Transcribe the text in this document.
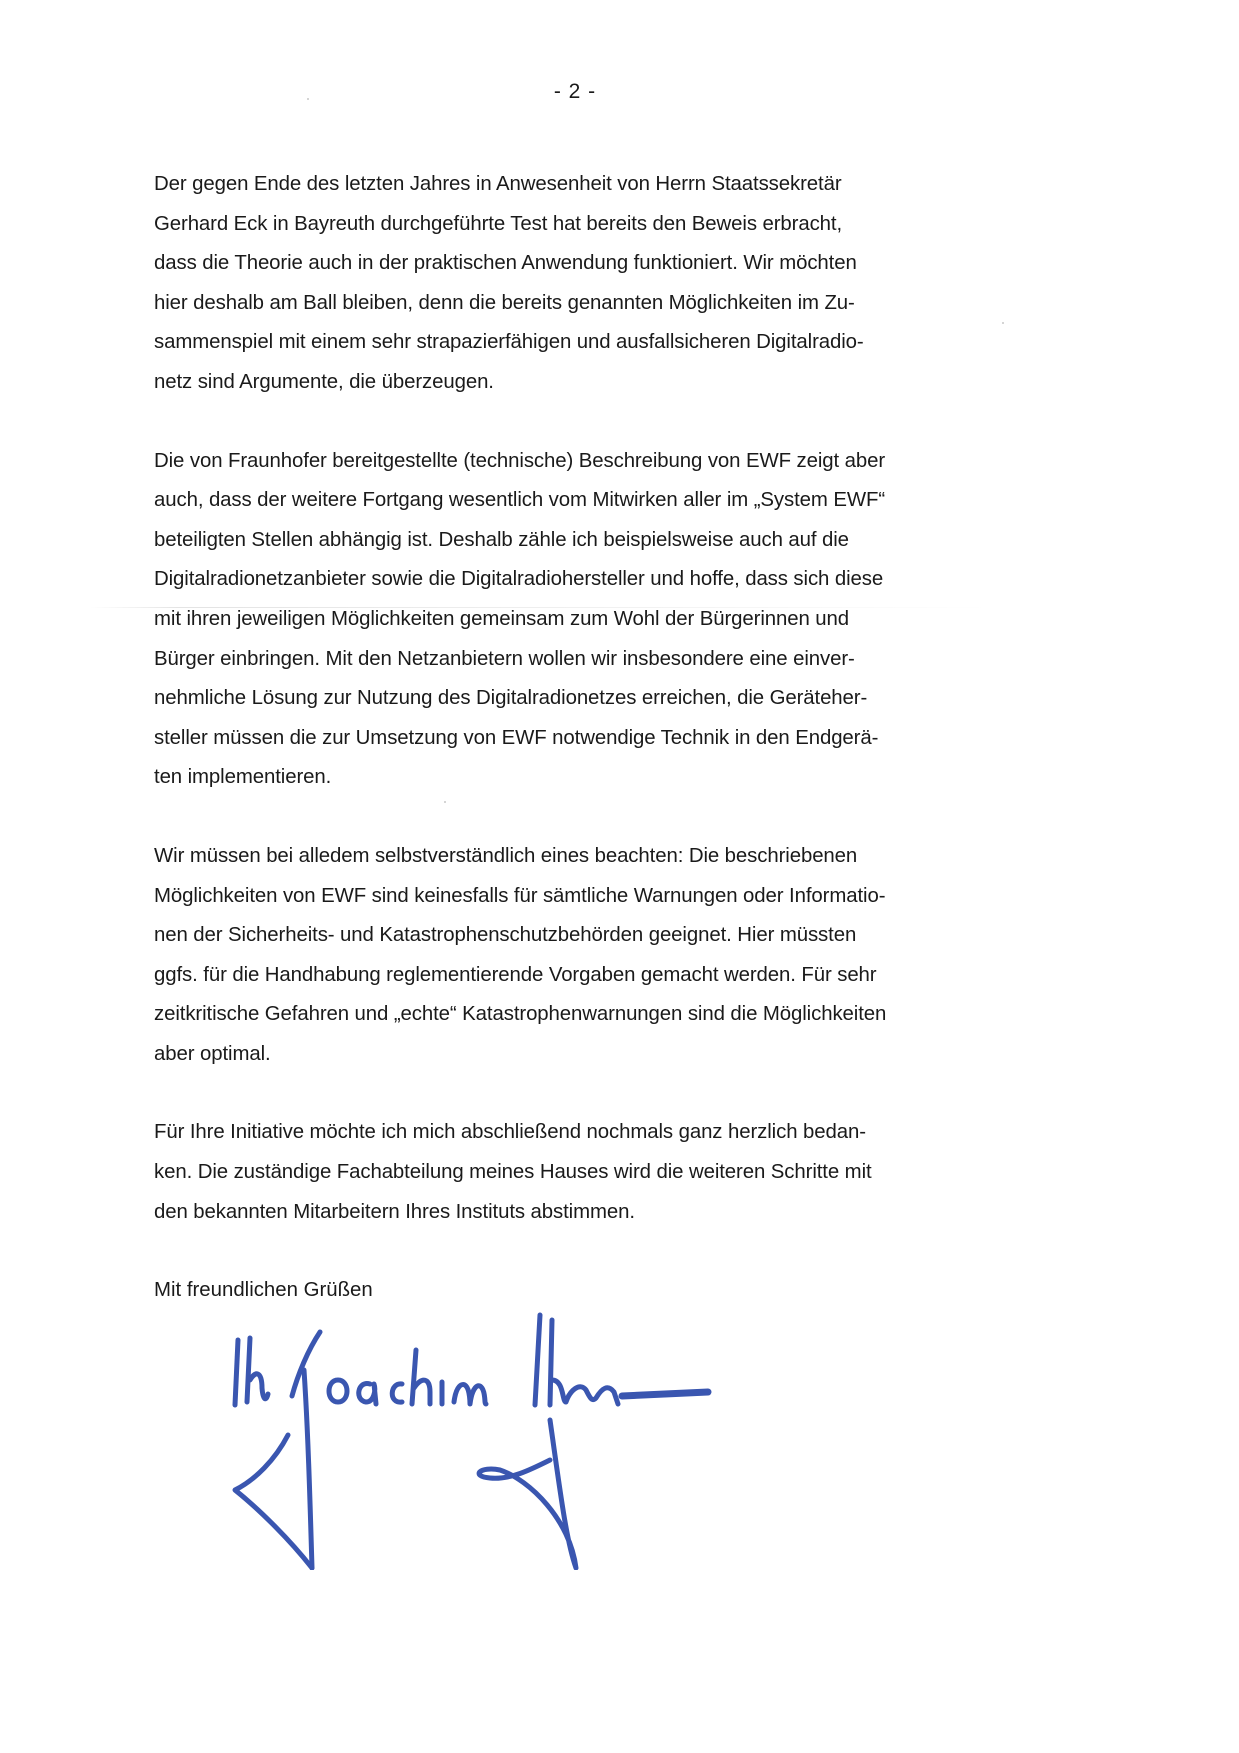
- 2 -

Der gegen Ende des letzten Jahres in Anwesenheit von Herrn Staatssekretär
Gerhard Eck in Bayreuth durchgeführte Test hat bereits den Beweis erbracht,
dass die Theorie auch in der praktischen Anwendung funktioniert. Wir möchten
hier deshalb am Ball bleiben, denn die bereits genannten Möglichkeiten im Zu-
sammenspiel mit einem sehr strapazierfähigen und ausfallsicheren Digitalradio-
netz sind Argumente, die überzeugen.

Die von Fraunhofer bereitgestellte (technische) Beschreibung von EWF zeigt aber
auch, dass der weitere Fortgang wesentlich vom Mitwirken aller im „System EWF“
beteiligten Stellen abhängig ist. Deshalb zähle ich beispielsweise auch auf die
Digitalradionetzanbieter sowie die Digitalradiohersteller und hoffe, dass sich diese
mit ihren jeweiligen Möglichkeiten gemeinsam zum Wohl der Bürgerinnen und
Bürger einbringen. Mit den Netzanbietern wollen wir insbesondere eine einver-
nehmliche Lösung zur Nutzung des Digitalradionetzes erreichen, die Geräteher-
steller müssen die zur Umsetzung von EWF notwendige Technik in den Endgerä-
ten implementieren.

Wir müssen bei alledem selbstverständlich eines beachten: Die beschriebenen
Möglichkeiten von EWF sind keinesfalls für sämtliche Warnungen oder Informatio-
nen der Sicherheits- und Katastrophenschutzbehörden geeignet. Hier müssten
ggfs. für die Handhabung reglementierende Vorgaben gemacht werden. Für sehr
zeitkritische Gefahren und „echte“ Katastrophenwarnungen sind die Möglichkeiten
aber optimal.

Für Ihre Initiative möchte ich mich abschließend nochmals ganz herzlich bedan-
ken. Die zuständige Fachabteilung meines Hauses wird die weiteren Schritte mit
den bekannten Mitarbeitern Ihres Instituts abstimmen.

Mit freundlichen Grüßen
